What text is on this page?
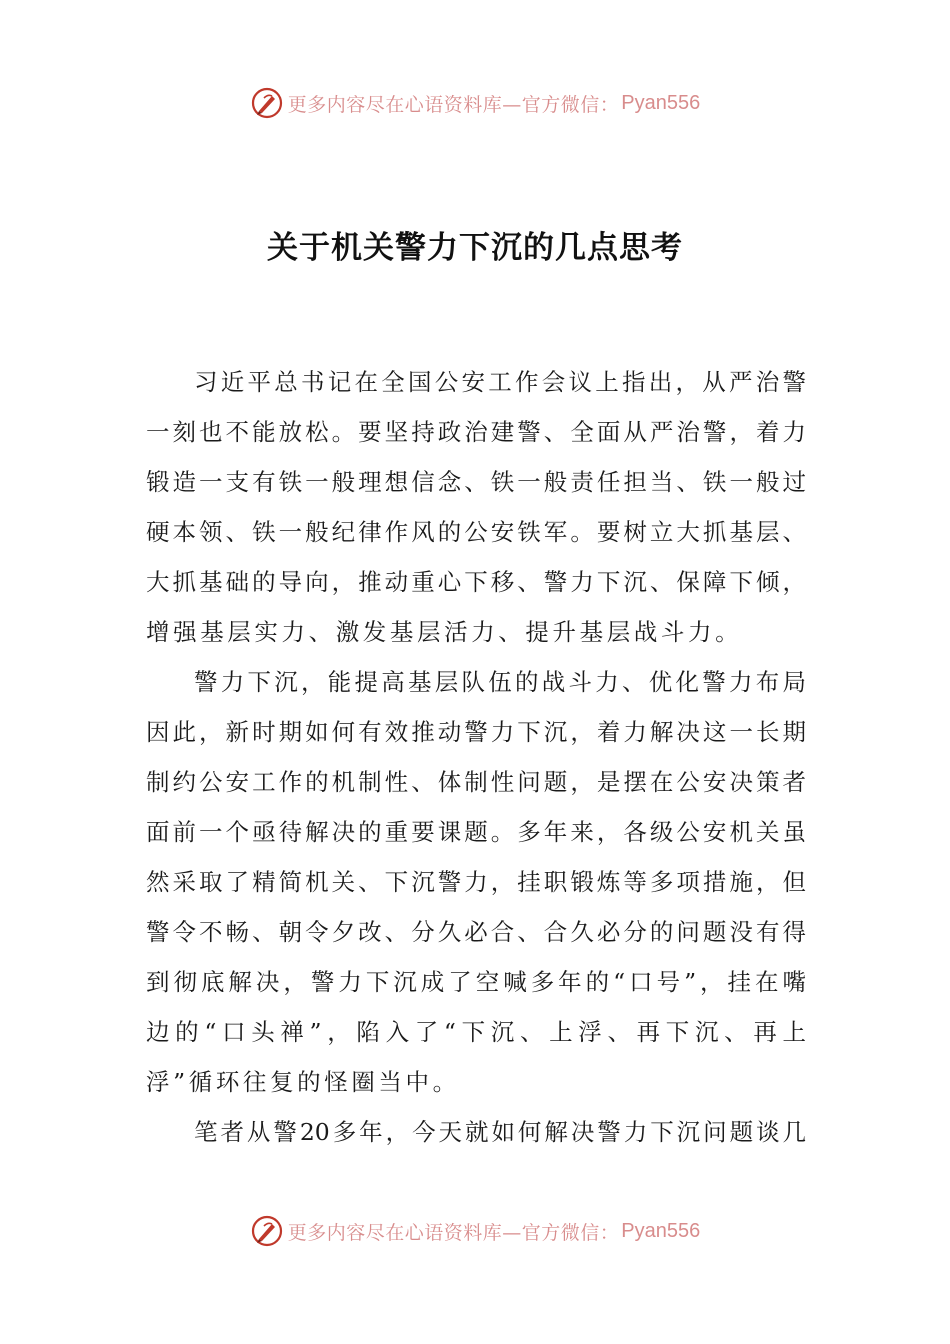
更多内容尽在心语资料库—官方微信： Pyan556
关于机关警力下沉的几点思考
习近平总书记在全国公安工作会议上指出，从严治警
一刻也不能放松。要坚持政治建警、全面从严治警，着力
锻造一支有铁一般理想信念、铁一般责任担当、铁一般过
硬本领、铁一般纪律作风的公安铁军。要树立大抓基层、
大抓基础的导向，推动重心下移、警力下沉、保障下倾，
增强基层实力、激发基层活力、提升基层战斗力。
警力下沉，能提高基层队伍的战斗力、优化警力布局
因此，新时期如何有效推动警力下沉，着力解决这一长期
制约公安工作的机制性、体制性问题，是摆在公安决策者
面前一个亟待解决的重要课题。多年来，各级公安机关虽
然采取了精简机关、下沉警力，挂职锻炼等多项措施，但
警令不畅、朝令夕改、分久必合、合久必分的问题没有得
到彻底解决，警力下沉成了空喊多年的“口号”，挂在嘴
边的“口头禅”，陷入了“下沉、上浮、再下沉、再上
浮”循环往复的怪圈当中。
笔者从警20多年，今天就如何解决警力下沉问题谈几
更多内容尽在心语资料库—官方微信： Pyan556
